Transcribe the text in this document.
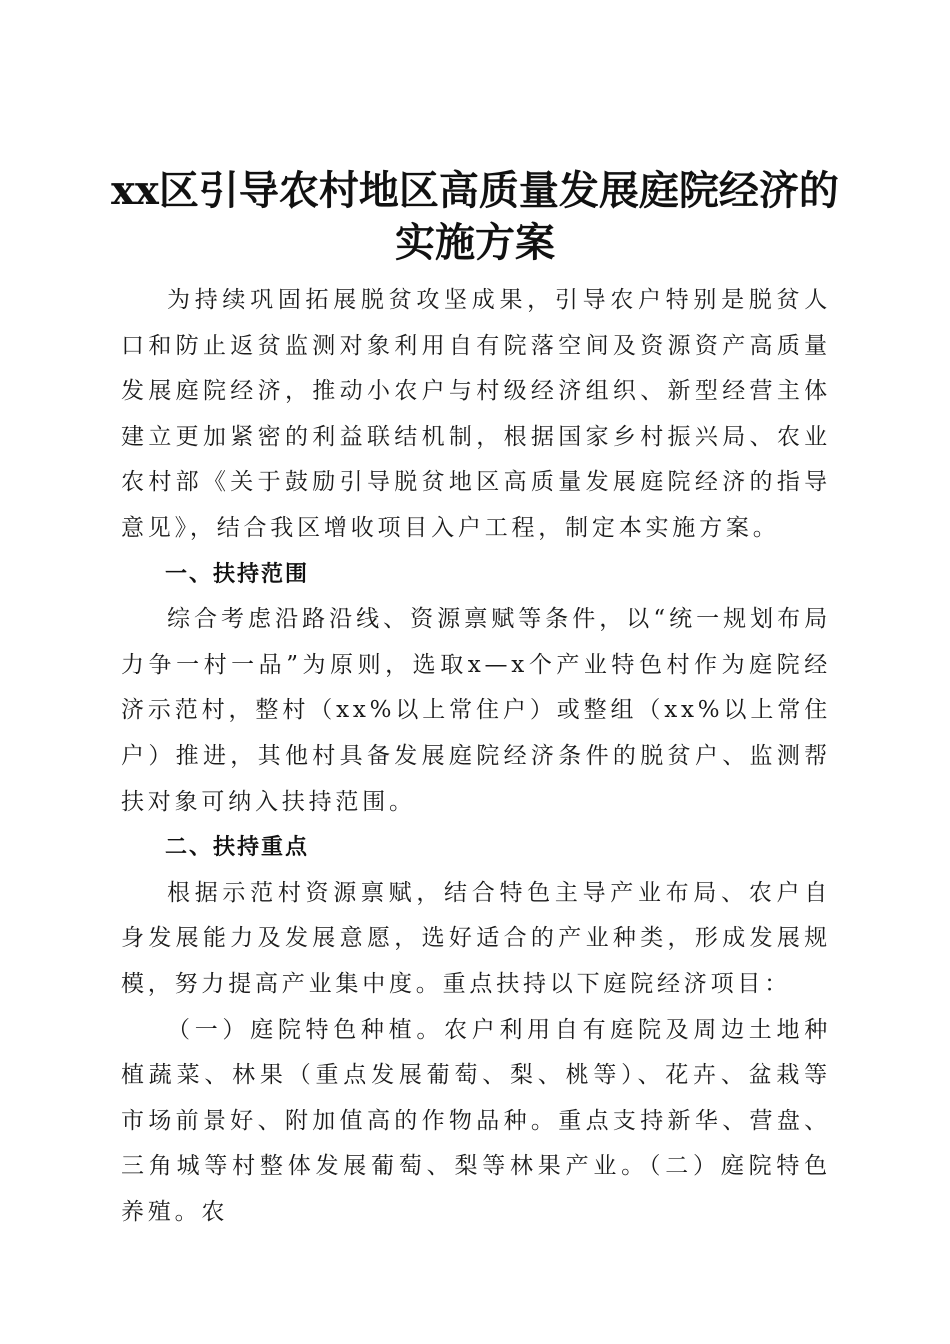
xx区引导农村地区高质量发展庭院经济的实施方案

为持续巩固拓展脱贫攻坚成果，引导农户特别是脱贫人口和防止返贫监测对象利用自有院落空间及资源资产高质量发展庭院经济，推动小农户与村级经济组织、新型经营主体建立更加紧密的利益联结机制，根据国家乡村振兴局、农业农村部《关于鼓励引导脱贫地区高质量发展庭院经济的指导意见》，结合我区增收项目入户工程，制定本实施方案。

一、扶持范围

综合考虑沿路沿线、资源禀赋等条件，以“统一规划布局力争一村一品”为原则，选取x—x个产业特色村作为庭院经济示范村，整村（xx%以上常住户）或整组（xx%以上常住户）推进，其他村具备发展庭院经济条件的脱贫户、监测帮扶对象可纳入扶持范围。

二、扶持重点

根据示范村资源禀赋，结合特色主导产业布局、农户自身发展能力及发展意愿，选好适合的产业种类，形成发展规模，努力提高产业集中度。重点扶持以下庭院经济项目：

（一）庭院特色种植。农户利用自有庭院及周边土地种植蔬菜、林果（重点发展葡萄、梨、桃等）、花卉、盆栽等市场前景好、附加值高的作物品种。重点支持新华、营盘、三角城等村整体发展葡萄、梨等林果产业。（二）庭院特色养殖。农
